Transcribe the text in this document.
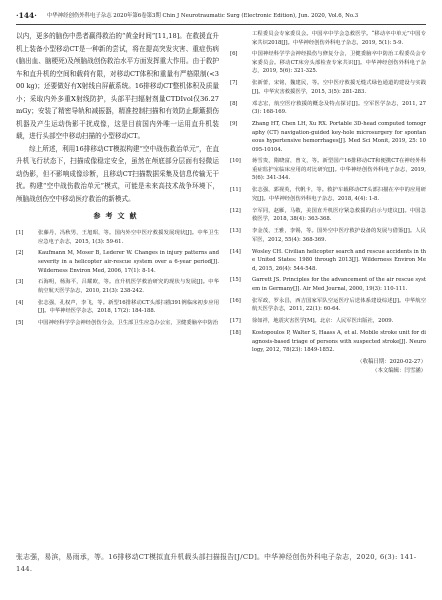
·144· 中华神经创伤外科电子杂志 2020年第6卷第3期 Chin J Neurotraumatic Surg (Electronic Edition), Jun. 2020, Vol.6, No.3

以内，更多的脑伤中患者赢得救治的“黄金时间”[11,18]。在救援直升机上装备小型移动CT是一种新的尝试，将在提高突发灾害、重症伤病(脑出血、脑梗死)及颅脑战创伤救治水平方面发挥重大作用。由于救护车和直升机的空间和载荷有限，对移动CT体积和重量有严格限制(<300 kg)；还要做好有X射线自屏蔽系统。16排移动CT整机体积及质量小；采取内外多重X射线防护，头部平扫辐射剂量CTDIvol仅36.27 mGy；安装了精密导轨和减振器，精准控制扫描和有效防止颠簸损伤机器及产生运动伪影干扰成像，这是目前国内外唯一运用直升机装载，进行头部空中移动扫描的小型移动CT。

综上所述，利用16排移动CT模拟构建“空中战伤救治单元”，在直升机飞行状态下，扫描成像稳定安全，虽然在颅底部分层面有轻微运动伪影，但不影响成像诊断，且移动CT扫描数据采集及信息传输无干扰。构建“空中战伤救治单元”模式，可能是未来高技术战争环境下，颅脑战创伤空中移动医疗救治的新模式。

参考文献
[1]	张藤丹，冯秋男，王旭昭，等。国内外空中医疗救援发展现状[J]。中华卫生应急电子杂志，2015, 1(3): 59-61.
[2]	Kaufmann M, Moser B, Lederer W. Changes in injury patterns and severity in a helicopter air-rescue system over a 6-year period[J]. Wilderness Environ Med, 2006, 17(1): 8-14.
[3]	石海明，杨海平，吕耀欧，等。直升机医学救治研究的现状与发展[J]。中华航空航天医学杂志，2010, 21(3): 238-242.
[4]	张志强，孔权声，李飞，等。新型16排移动CT头部扫描391例临床初步应用[J]。中华神经医学杂志，2018, 17(2): 184-188.
[5]	中国神经科学学会神经创伤分会，卫生部卫生应急办公室，卫健委脑卒中防治
工程委员会专家委员会。中国卒中学会急救医学。“移动卒中单元”中国专家共识2018[J]。中华神经创伤外科电子杂志，2019, 5(1): 5-9.
[6]	中国神经科学学会神经损伤与修复分会，卫健委脑卒中防治工程委员会专家委员会。移动CT床旁头部检查专家共识[J]。中华神经创伤外科电子杂志，2019, 5(6): 321-325.
[7]	张新蕾，宋铭，魏建民，等。空中医疗救援无缝式绿色通道的建设与实践[J]。中华灾害救援医学，2015, 3(5): 281-283.
[8]	邓志宏，航空医疗救援的概念及特点探讨[J]。空军医学杂志，2011, 27(3): 168-169.
[9]	Zhang HT, Chen LH, Xu RX. Portable 3D-head computed tomography (CT) navigation-guided key-hole microsurgery for spontaneous hypertensive hemorrhages[J]. Med Sci Monit, 2019, 25: 10095-10104.
[10]	蒋雪贵，隋晓富，曾文，等。新型国产16排移动CT和便携CT在神经外科重症监护室临床应用的对比研究[J]。中华神经创伤外科电子杂志，2019, 5(6): 341-344.
[11]	张志强，郭视英，代帆卡，等。救护车载移动CT头部扫描在卒中的应用研究[J]。中华神经创伤外科电子杂志，2018, 4(4): 1-8.
[12]	辛军同，赵雁，马敬，美国直升机医疗紧急救援的启示与建议[J]。中国急救医学，2018, 38(4): 363-368.
[13]	李金茂，王雅，李锡，等。国外空中医疗救护设备的发展与借鉴[J]。人民军医，2012, 55(4): 368-369.
[14]	Wosley CH. Civilian helicopter search and rescue accidents in the United States: 1980 through 2013[J]. Wilderness Environ Med, 2015, 26(4): 544-548.
[15]	Garrett JS. Principles for the advancement of the air rescue system in Germany[J]. Air Med Journal, 2000, 19(3): 110-111.
[16]	张军政，罗永昌，西吉国家军队空运医疗后送体系建设综述[J]。中华航空航天医学杂志，2011, 22(1): 60-64.
[17]	徐如祥，地震灾害医学[M]。北京：人民军医出版社，2009.
[18]	Kostopoulos P, Walter S, Haass A, et al. Mobile stroke unit for diagnosis-based triage of persons with suspected stroke[J]. Neurology, 2012, 78(23): 1849-1852.
（收稿日期：2020-02-27）
（本文编辑：闫雪涵）
张志强，易滨，易雨承，等。16排移动CT模拟直升机载头部扫描报告[J/CD]。中华神经创伤外科电子杂志，2020, 6(3): 141-144.
